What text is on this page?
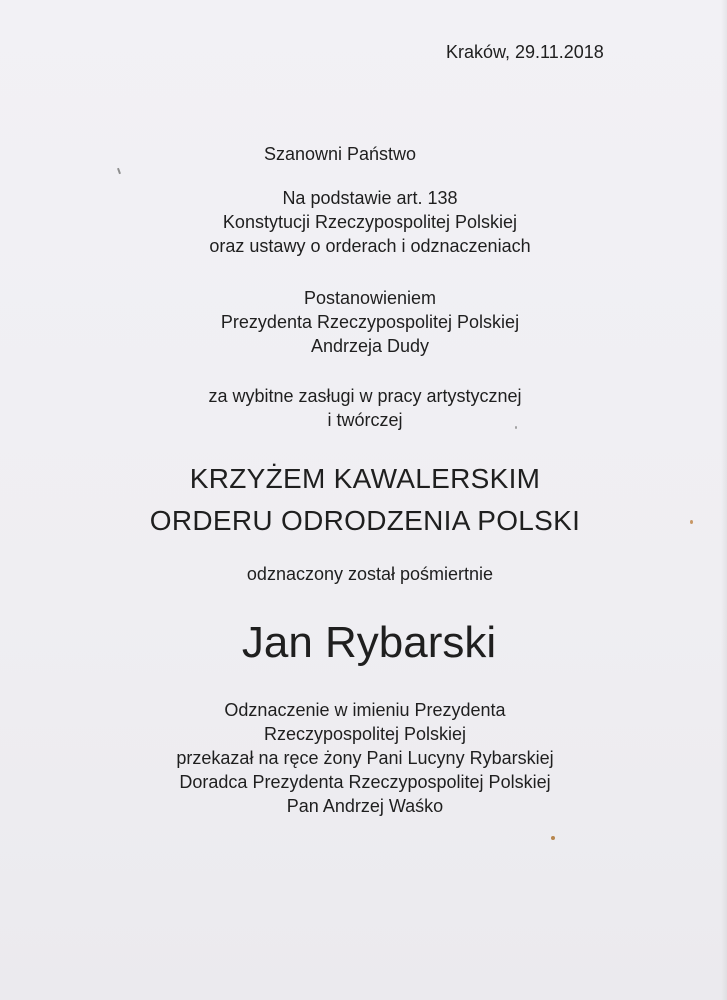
Kraków, 29.11.2018
Szanowni Państwo
Na podstawie art. 138
Konstytucji Rzeczypospolitej Polskiej
oraz ustawy o orderach i odznaczeniach
Postanowieniem
Prezydenta Rzeczypospolitej Polskiej
Andrzeja Dudy
za wybitne zasługi w pracy artystycznej
i twórczej
KRZYŻEM KAWALERSKIM
ORDERU ODRODZENIA POLSKI
odznaczony został pośmiertnie
Jan Rybarski
Odznaczenie w imieniu Prezydenta
Rzeczypospolitej Polskiej
przekazał na ręce żony Pani Lucyny Rybarskiej
Doradca Prezydenta Rzeczypospolitej Polskiej
Pan Andrzej Waśko
